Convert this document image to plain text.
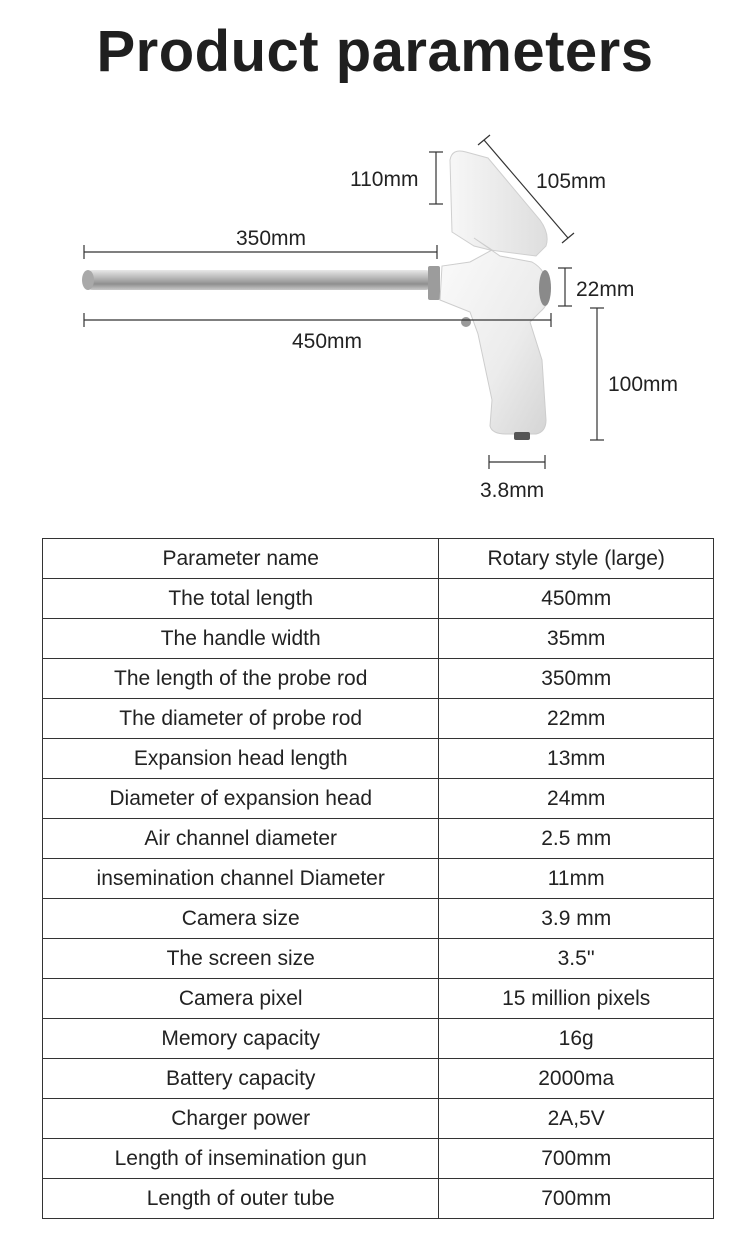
Product parameters
110mm	105mm
350mm
450mm
22mm
100mm
3.8mm
Parameter name	Rotary style (large)
The total length	450mm
The handle width	35mm
The length of the probe rod	350mm
The diameter of probe rod	22mm
Expansion head length	13mm
Diameter of expansion head	24mm
Air channel diameter	2.5 mm
insemination channel Diameter	11mm
Camera size	3.9 mm
The screen size	3.5''
Camera pixel	15 million pixels
Memory capacity	16g
Battery capacity	2000ma
Charger power	2A,5V
Length of insemination gun	700mm
Length of outer tube	700mm
